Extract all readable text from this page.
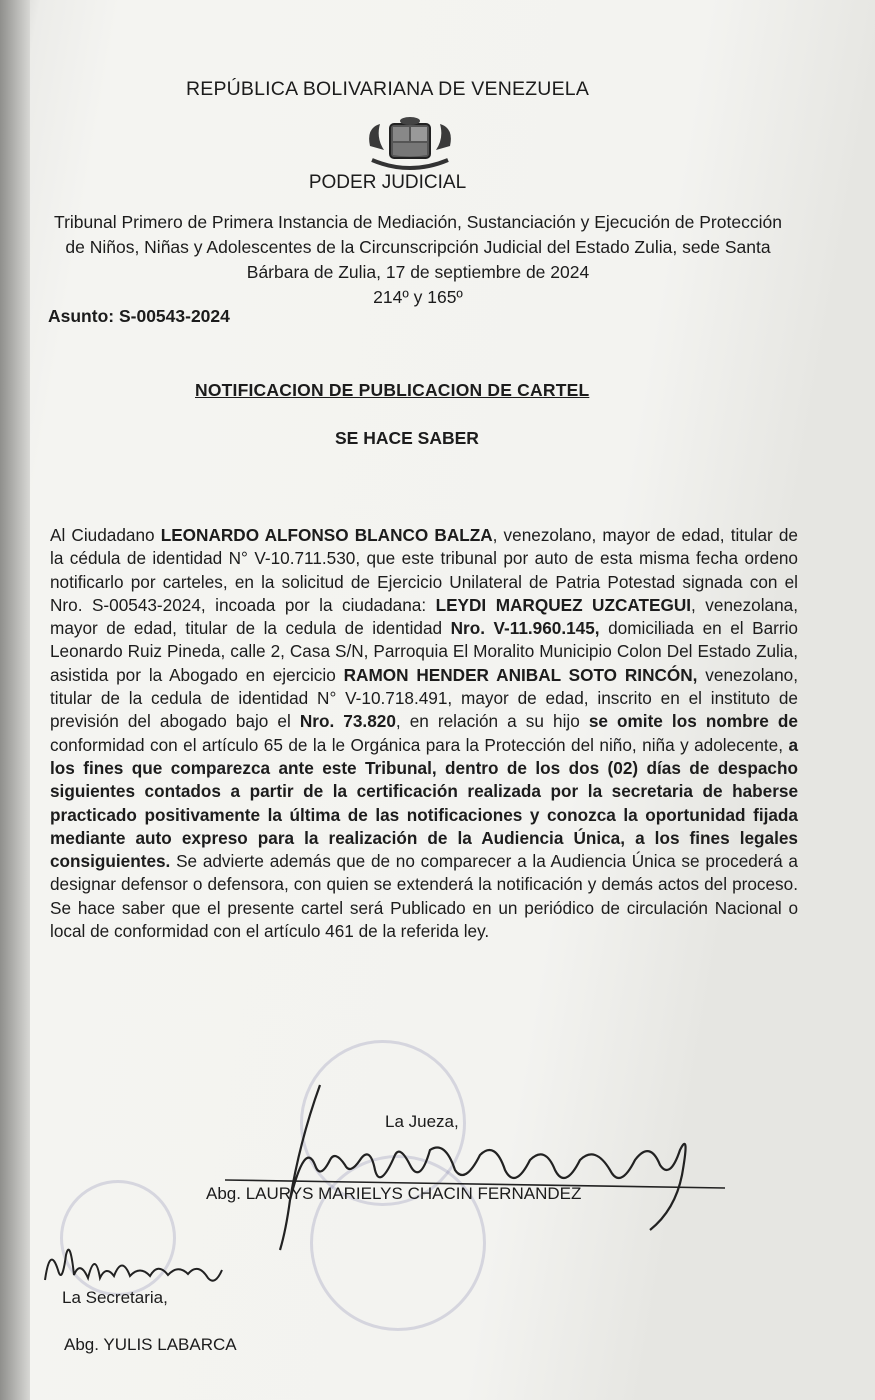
REPÚBLICA BOLIVARIANA DE VENEZUELA
PODER JUDICIAL
Tribunal Primero de Primera Instancia de Mediación, Sustanciación y Ejecución de Protección de Niños, Niñas y Adolescentes de la Circunscripción Judicial del Estado Zulia, sede Santa Bárbara de Zulia, 17 de septiembre de 2024
214º y 165º
Asunto: S-00543-2024
NOTIFICACION DE PUBLICACION DE CARTEL
SE HACE SABER
Al Ciudadano LEONARDO ALFONSO BLANCO BALZA, venezolano, mayor de edad, titular de la cédula de identidad N° V-10.711.530, que este tribunal por auto de esta misma fecha ordeno notificarlo por carteles, en la solicitud de Ejercicio Unilateral de Patria Potestad signada con el Nro. S-00543-2024, incoada por la ciudadana: LEYDI MARQUEZ UZCATEGUI, venezolana, mayor de edad, titular de la cedula de identidad Nro. V-11.960.145, domiciliada en el Barrio Leonardo Ruiz Pineda, calle 2, Casa S/N, Parroquia El Moralito Municipio Colon Del Estado Zulia, asistida por la Abogado en ejercicio RAMON HENDER ANIBAL SOTO RINCÓN, venezolano, titular de la cedula de identidad N° V-10.718.491, mayor de edad, inscrito en el instituto de previsión del abogado bajo el Nro. 73.820, en relación a su hijo se omite los nombre de conformidad con el artículo 65 de la le Orgánica para la Protección del niño, niña y adolecente, a los fines que comparezca ante este Tribunal, dentro de los dos (02) días de despacho siguientes contados a partir de la certificación realizada por la secretaria de haberse practicado positivamente la última de las notificaciones y conozca la oportunidad fijada mediante auto expreso para la realización de la Audiencia Única, a los fines legales consiguientes. Se advierte además que de no comparecer a la Audiencia Única se procederá a designar defensor o defensora, con quien se extenderá la notificación y demás actos del proceso. Se hace saber que el presente cartel será Publicado en un periódico de circulación Nacional o local de conformidad con el artículo 461 de la referida ley.
La Jueza,
Abg. LAURYS MARIELYS CHACIN FERNANDEZ
La Secretaria,
Abg. YULIS LABARCA
